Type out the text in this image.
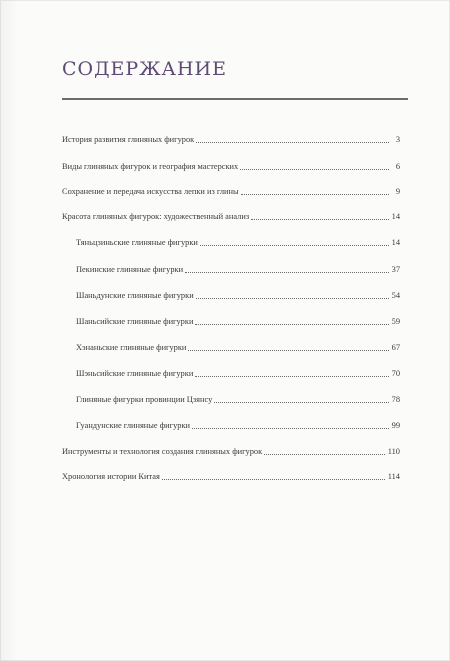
СОДЕРЖАНИЕ
История развития глиняных фигурок	3
Виды глиняных фигурок и география мастерских	6
Сохранение и передача искусства лепки из глины	9
Красота глиняных фигурок: художественный анализ	14
Тяньцзиньские глиняные фигурки	14
Пекинские глиняные фигурки	37
Шаньдунские глиняные фигурки	54
Шаньсийские глиняные фигурки	59
Хэнаньские глиняные фигурки	67
Шэньсийские глиняные фигурки	70
Глиняные фигурки провинции Цзянсу	78
Гуандунские глиняные фигурки	99
Инструменты и технология создания глиняных фигурок	110
Хронология истории Китая	114
